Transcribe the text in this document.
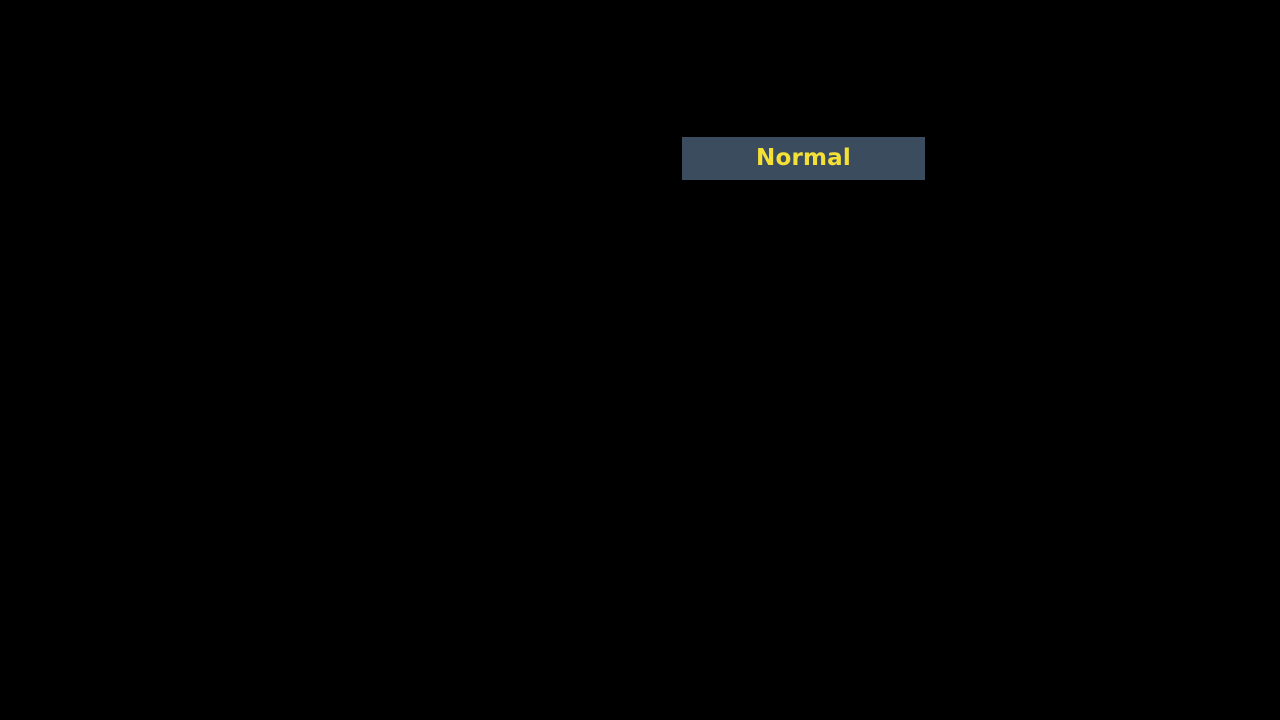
Normal
